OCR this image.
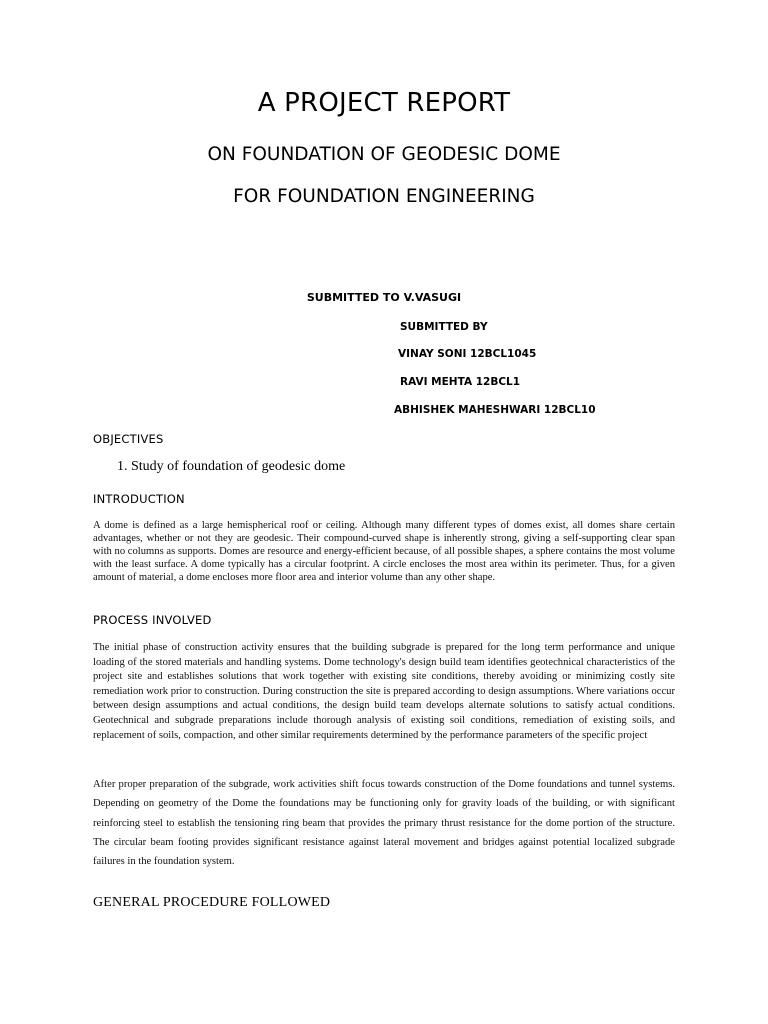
A PROJECT REPORT
ON FOUNDATION OF GEODESIC DOME
FOR FOUNDATION ENGINEERING
SUBMITTED TO V.VASUGI
SUBMITTED BY
VINAY SONI 12BCL1045
RAVI MEHTA 12BCL1
ABHISHEK MAHESHWARI 12BCL10
OBJECTIVES
1. Study of foundation of geodesic dome
INTRODUCTION

A dome is defined as a large hemispherical roof or ceiling. Although many different types of domes exist, all domes share certain advantages, whether or not they are geodesic. Their compound-curved shape is inherently strong, giving a self-supporting clear span with no columns as supports. Domes are resource and energy-efficient because, of all possible shapes, a sphere contains the most volume with the least surface. A dome typically has a circular footprint. A circle encloses the most area within its perimeter. Thus, for a given amount of material, a dome encloses more floor area and interior volume than any other shape.

PROCESS INVOLVED

The initial phase of construction activity ensures that the building subgrade is prepared for the long term performance and unique loading of the stored materials and handling systems. Dome technology's design build team identifies geotechnical characteristics of the project site and establishes solutions that work together with existing site conditions, thereby avoiding or minimizing costly site remediation work prior to construction. During construction the site is prepared according to design assumptions. Where variations occur between design assumptions and actual conditions, the design build team develops alternate solutions to satisfy actual conditions. Geotechnical and subgrade preparations include thorough analysis of existing soil conditions, remediation of existing soils, and replacement of soils, compaction, and other similar requirements determined by the performance parameters of the specific project

After proper preparation of the subgrade, work activities shift focus towards construction of the Dome foundations and tunnel systems. Depending on geometry of the Dome the foundations may be functioning only for gravity loads of the building, or with significant reinforcing steel to establish the tensioning ring beam that provides the primary thrust resistance for the dome portion of the structure. The circular beam footing provides significant resistance against lateral movement and bridges against potential localized subgrade failures in the foundation system.

GENERAL PROCEDURE FOLLOWED
